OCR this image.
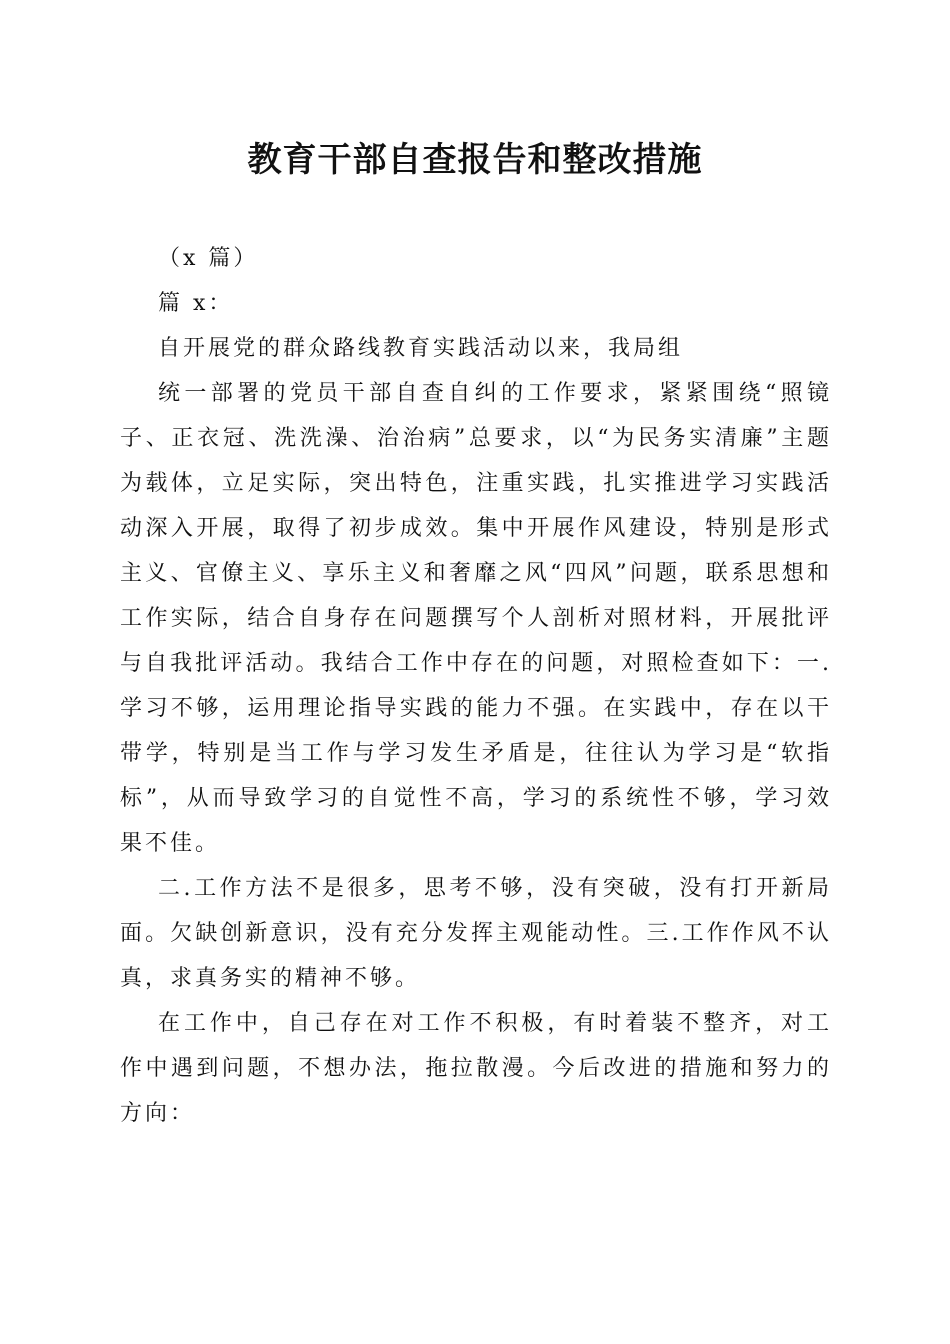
教育干部自查报告和整改措施

（x 篇）

篇 x：

自开展党的群众路线教育实践活动以来，我局组

统一部署的党员干部自查自纠的工作要求，紧紧围绕“照镜子、正衣冠、洗洗澡、治治病”总要求，以“为民务实清廉”主题为载体，立足实际，突出特色，注重实践，扎实推进学习实践活动深入开展，取得了初步成效。集中开展作风建设，特别是形式主义、官僚主义、享乐主义和奢靡之风“四风”问题，联系思想和工作实际，结合自身存在问题撰写个人剖析对照材料，开展批评与自我批评活动。我结合工作中存在的问题，对照检查如下：一.学习不够，运用理论指导实践的能力不强。在实践中，存在以干带学，特别是当工作与学习发生矛盾是，往往认为学习是“软指标”，从而导致学习的自觉性不高，学习的系统性不够，学习效果不佳。

二.工作方法不是很多，思考不够，没有突破，没有打开新局面。欠缺创新意识，没有充分发挥主观能动性。三.工作作风不认真，求真务实的精神不够。

在工作中，自己存在对工作不积极，有时着装不整齐，对工作中遇到问题，不想办法，拖拉散漫。今后改进的措施和努力的方向：
